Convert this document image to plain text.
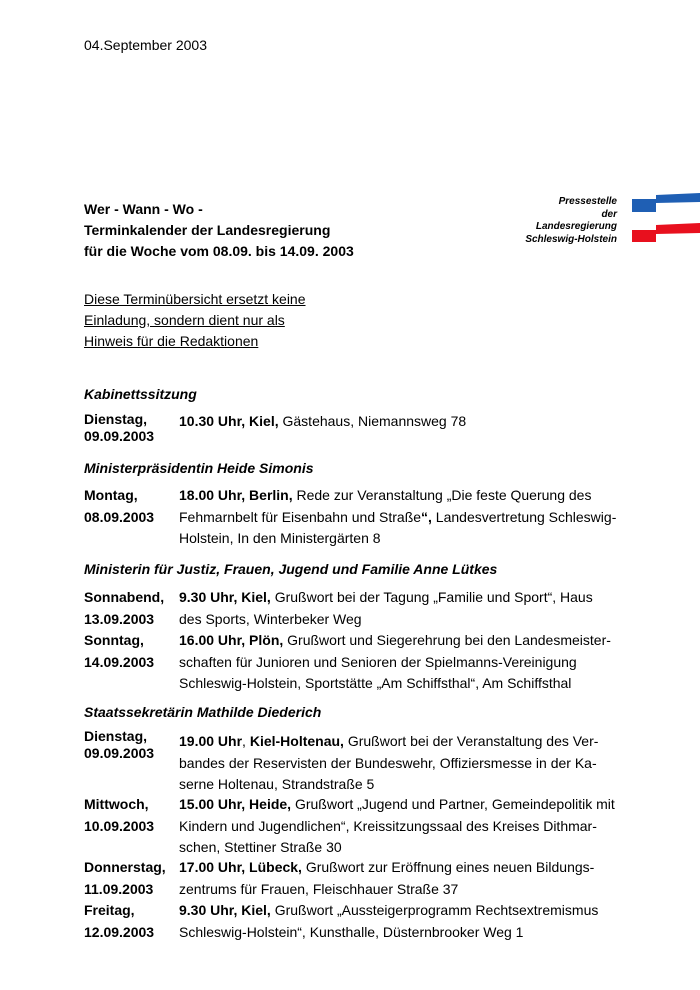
04.September 2003
Pressestelle
der
Landesregierung
Schleswig-Holstein
Wer - Wann - Wo -
Terminkalender der Landesregierung
für die Woche vom 08.09. bis 14.09. 2003
Diese Terminübersicht ersetzt keine
Einladung, sondern dient nur als
Hinweis für die Redaktionen
Kabinettssitzung
Dienstag,
09.09.2003
10.30 Uhr, Kiel, Gästehaus, Niemannsweg 78
Ministerpräsidentin Heide Simonis
Montag,
08.09.2003
18.00 Uhr, Berlin, Rede zur Veranstaltung „Die feste Querung des
Fehmarnbelt für Eisenbahn und Straße“, Landesvertretung Schleswig-
Holstein, In den Ministergärten 8
Ministerin für Justiz, Frauen, Jugend und Familie Anne Lütkes
Sonnabend,
13.09.2003
9.30 Uhr, Kiel, Grußwort bei der Tagung „Familie und Sport“, Haus
des Sports, Winterbeker Weg
Sonntag,
14.09.2003
16.00 Uhr, Plön, Grußwort und Siegerehrung bei den Landesmeister-
schaften für Junioren und Senioren der Spielmanns-Vereinigung
Schleswig-Holstein, Sportstätte „Am Schiffsthal“, Am Schiffsthal
Staatssekretärin Mathilde Diederich
Dienstag,
09.09.2003
19.00 Uhr, Kiel-Holtenau, Grußwort bei der Veranstaltung des Ver-
bandes der Reservisten der Bundeswehr, Offiziersmesse in der Ka-
serne Holtenau, Strandstraße 5
Mittwoch,
10.09.2003
15.00 Uhr, Heide, Grußwort „Jugend und Partner, Gemeindepolitik mit
Kindern und Jugendlichen“, Kreissitzungssaal des Kreises Dithmar-
schen, Stettiner Straße 30
Donnerstag,
11.09.2003
17.00 Uhr, Lübeck, Grußwort zur Eröffnung eines neuen Bildungs-
zentrums für Frauen, Fleischhauer Straße 37
Freitag,
12.09.2003
9.30 Uhr, Kiel, Grußwort „Aussteigerprogramm Rechtsextremismus
Schleswig-Holstein“, Kunsthalle, Düsternbrooker Weg 1
